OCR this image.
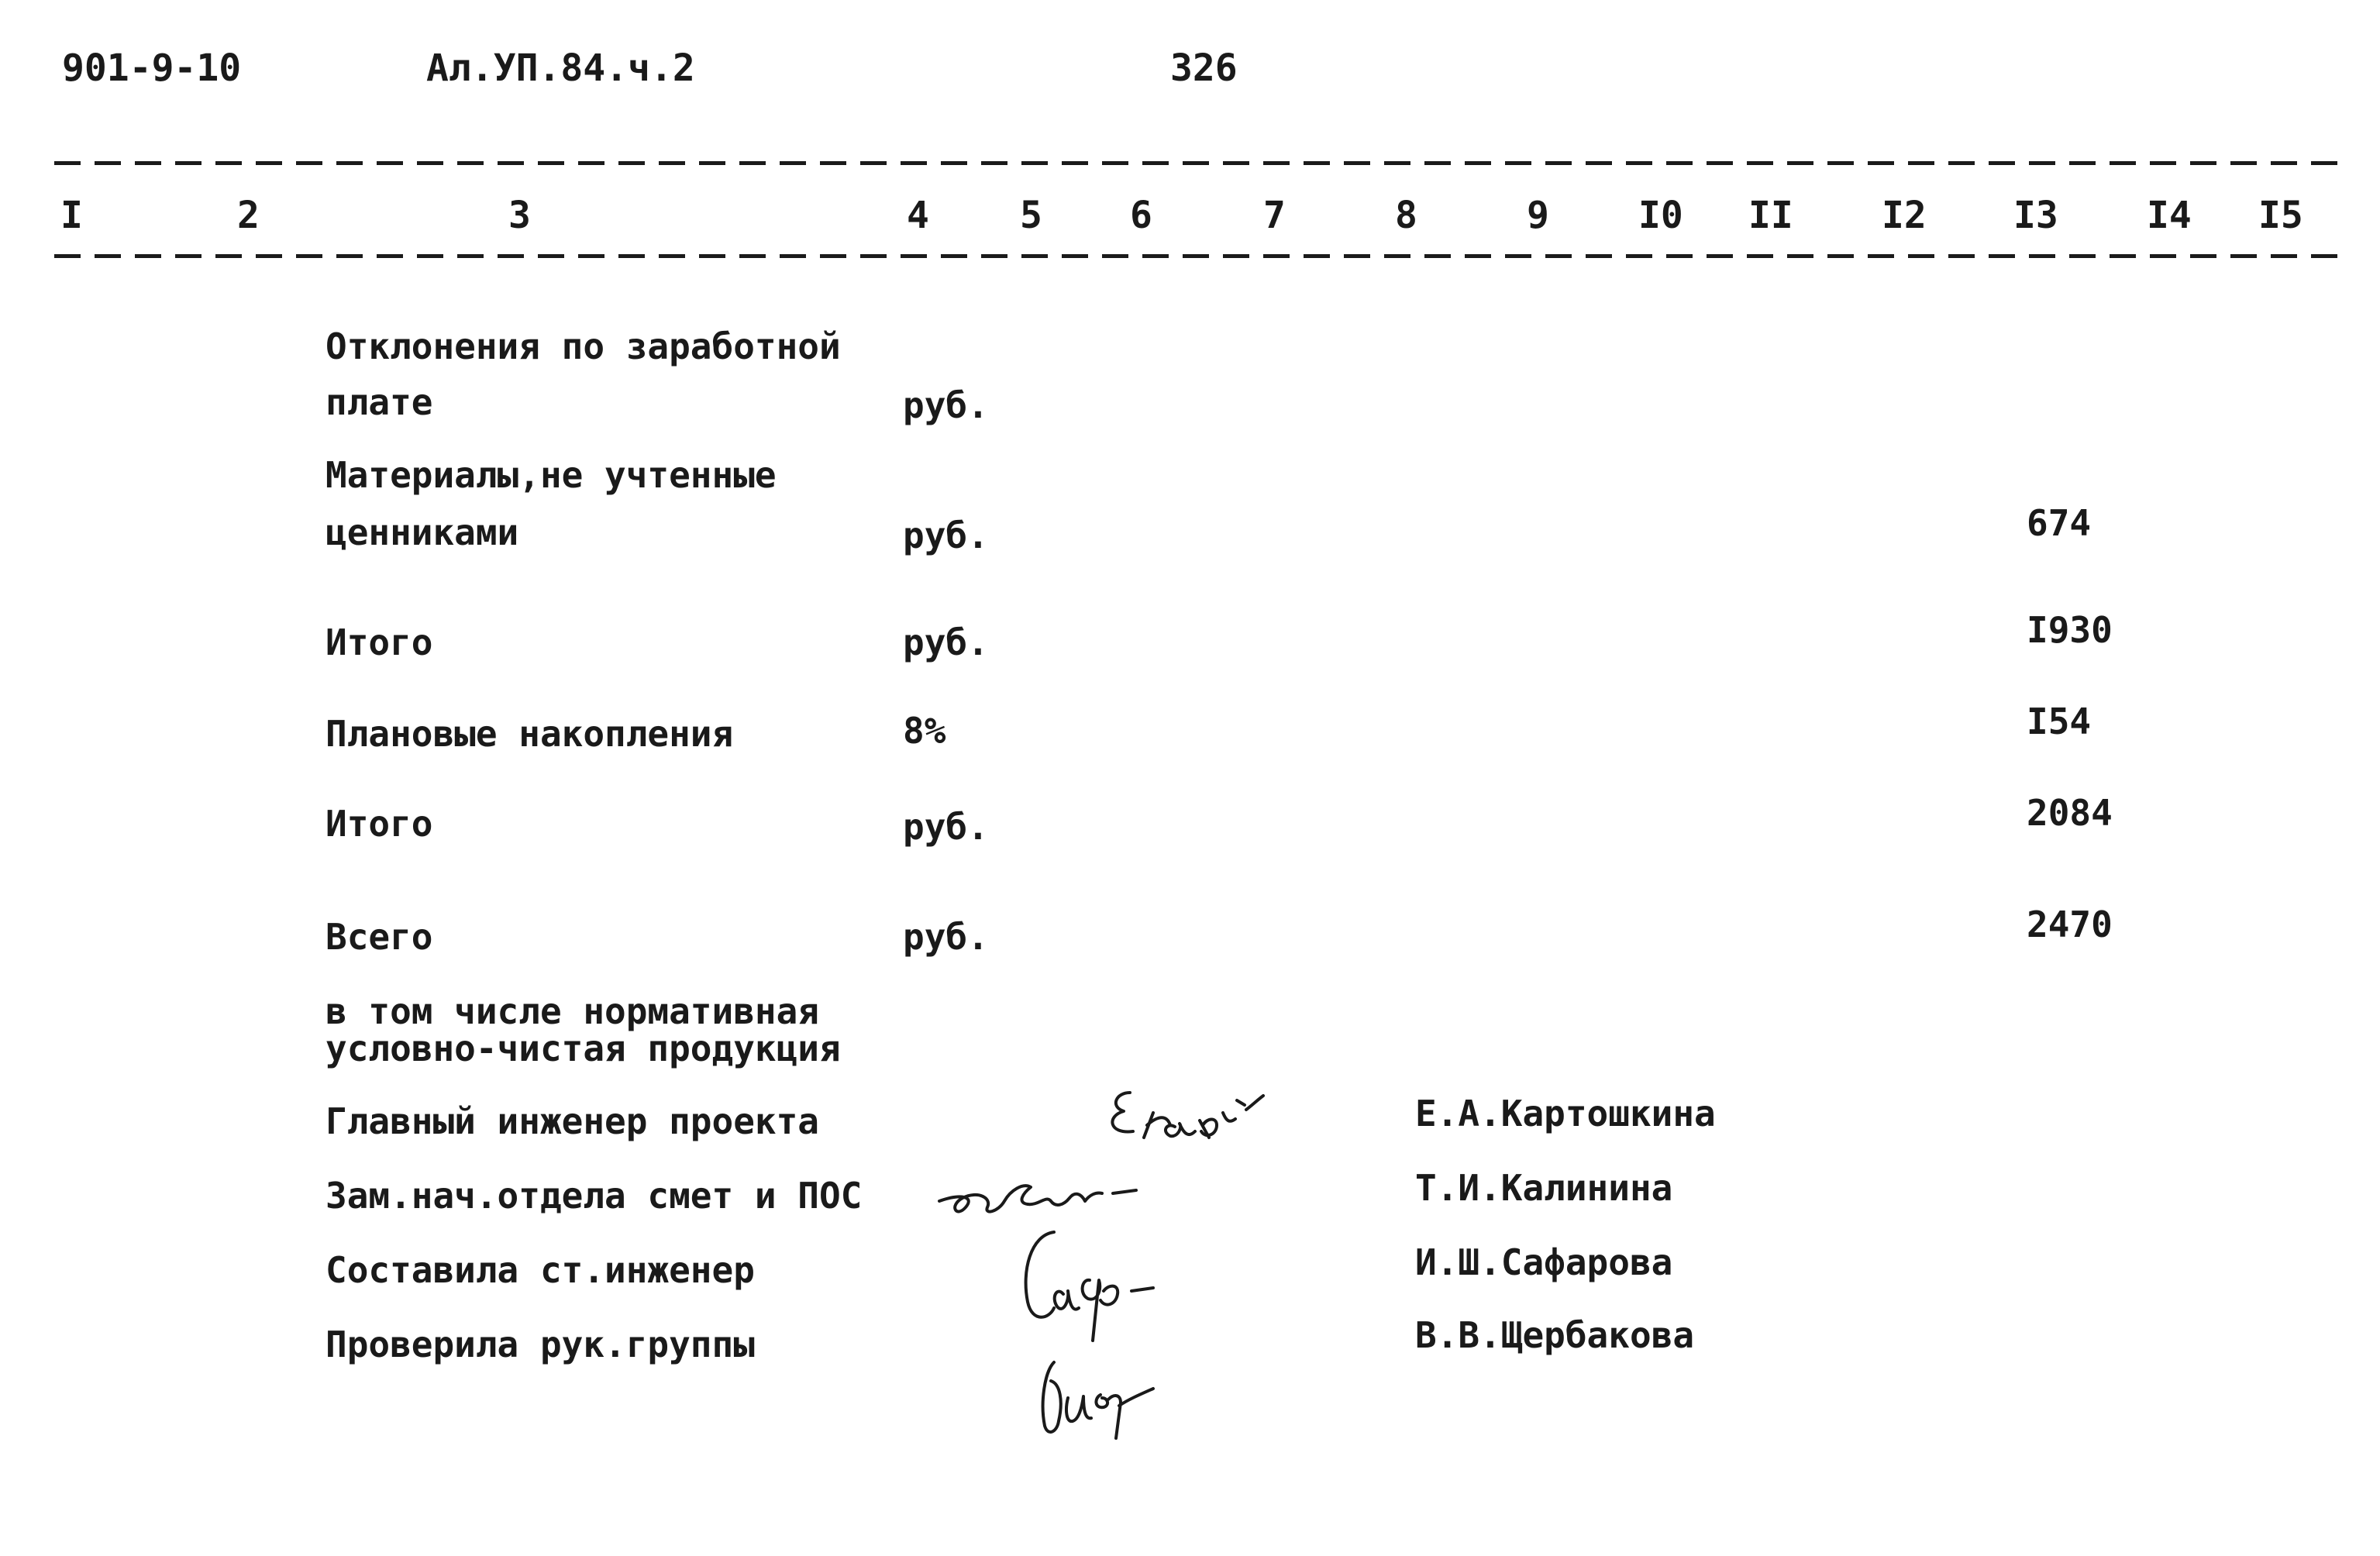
901-9-10	Ал.УП.84.ч.2	326
I	2	3	4 5 6	7	8	9 I0 II I2 I3 I4 I5
Отклонения по заработной
плате	руб.
Материалы,не учтенные
ценниками	руб.	674
Итого	руб.	I930
Плановые накопления	8%	I54
Итого	руб.	2084
Всего	руб.	2470
в том числе нормативная
условно-чистая продукция
Главный инженер проекта	Е.А.Картошкина
Зам.нач.отдела смет и ПОС	Т.И.Калинина
Составила ст.инженер	И.Ш.Сафарова
Проверила рук.группы	В.В.Щербакова
